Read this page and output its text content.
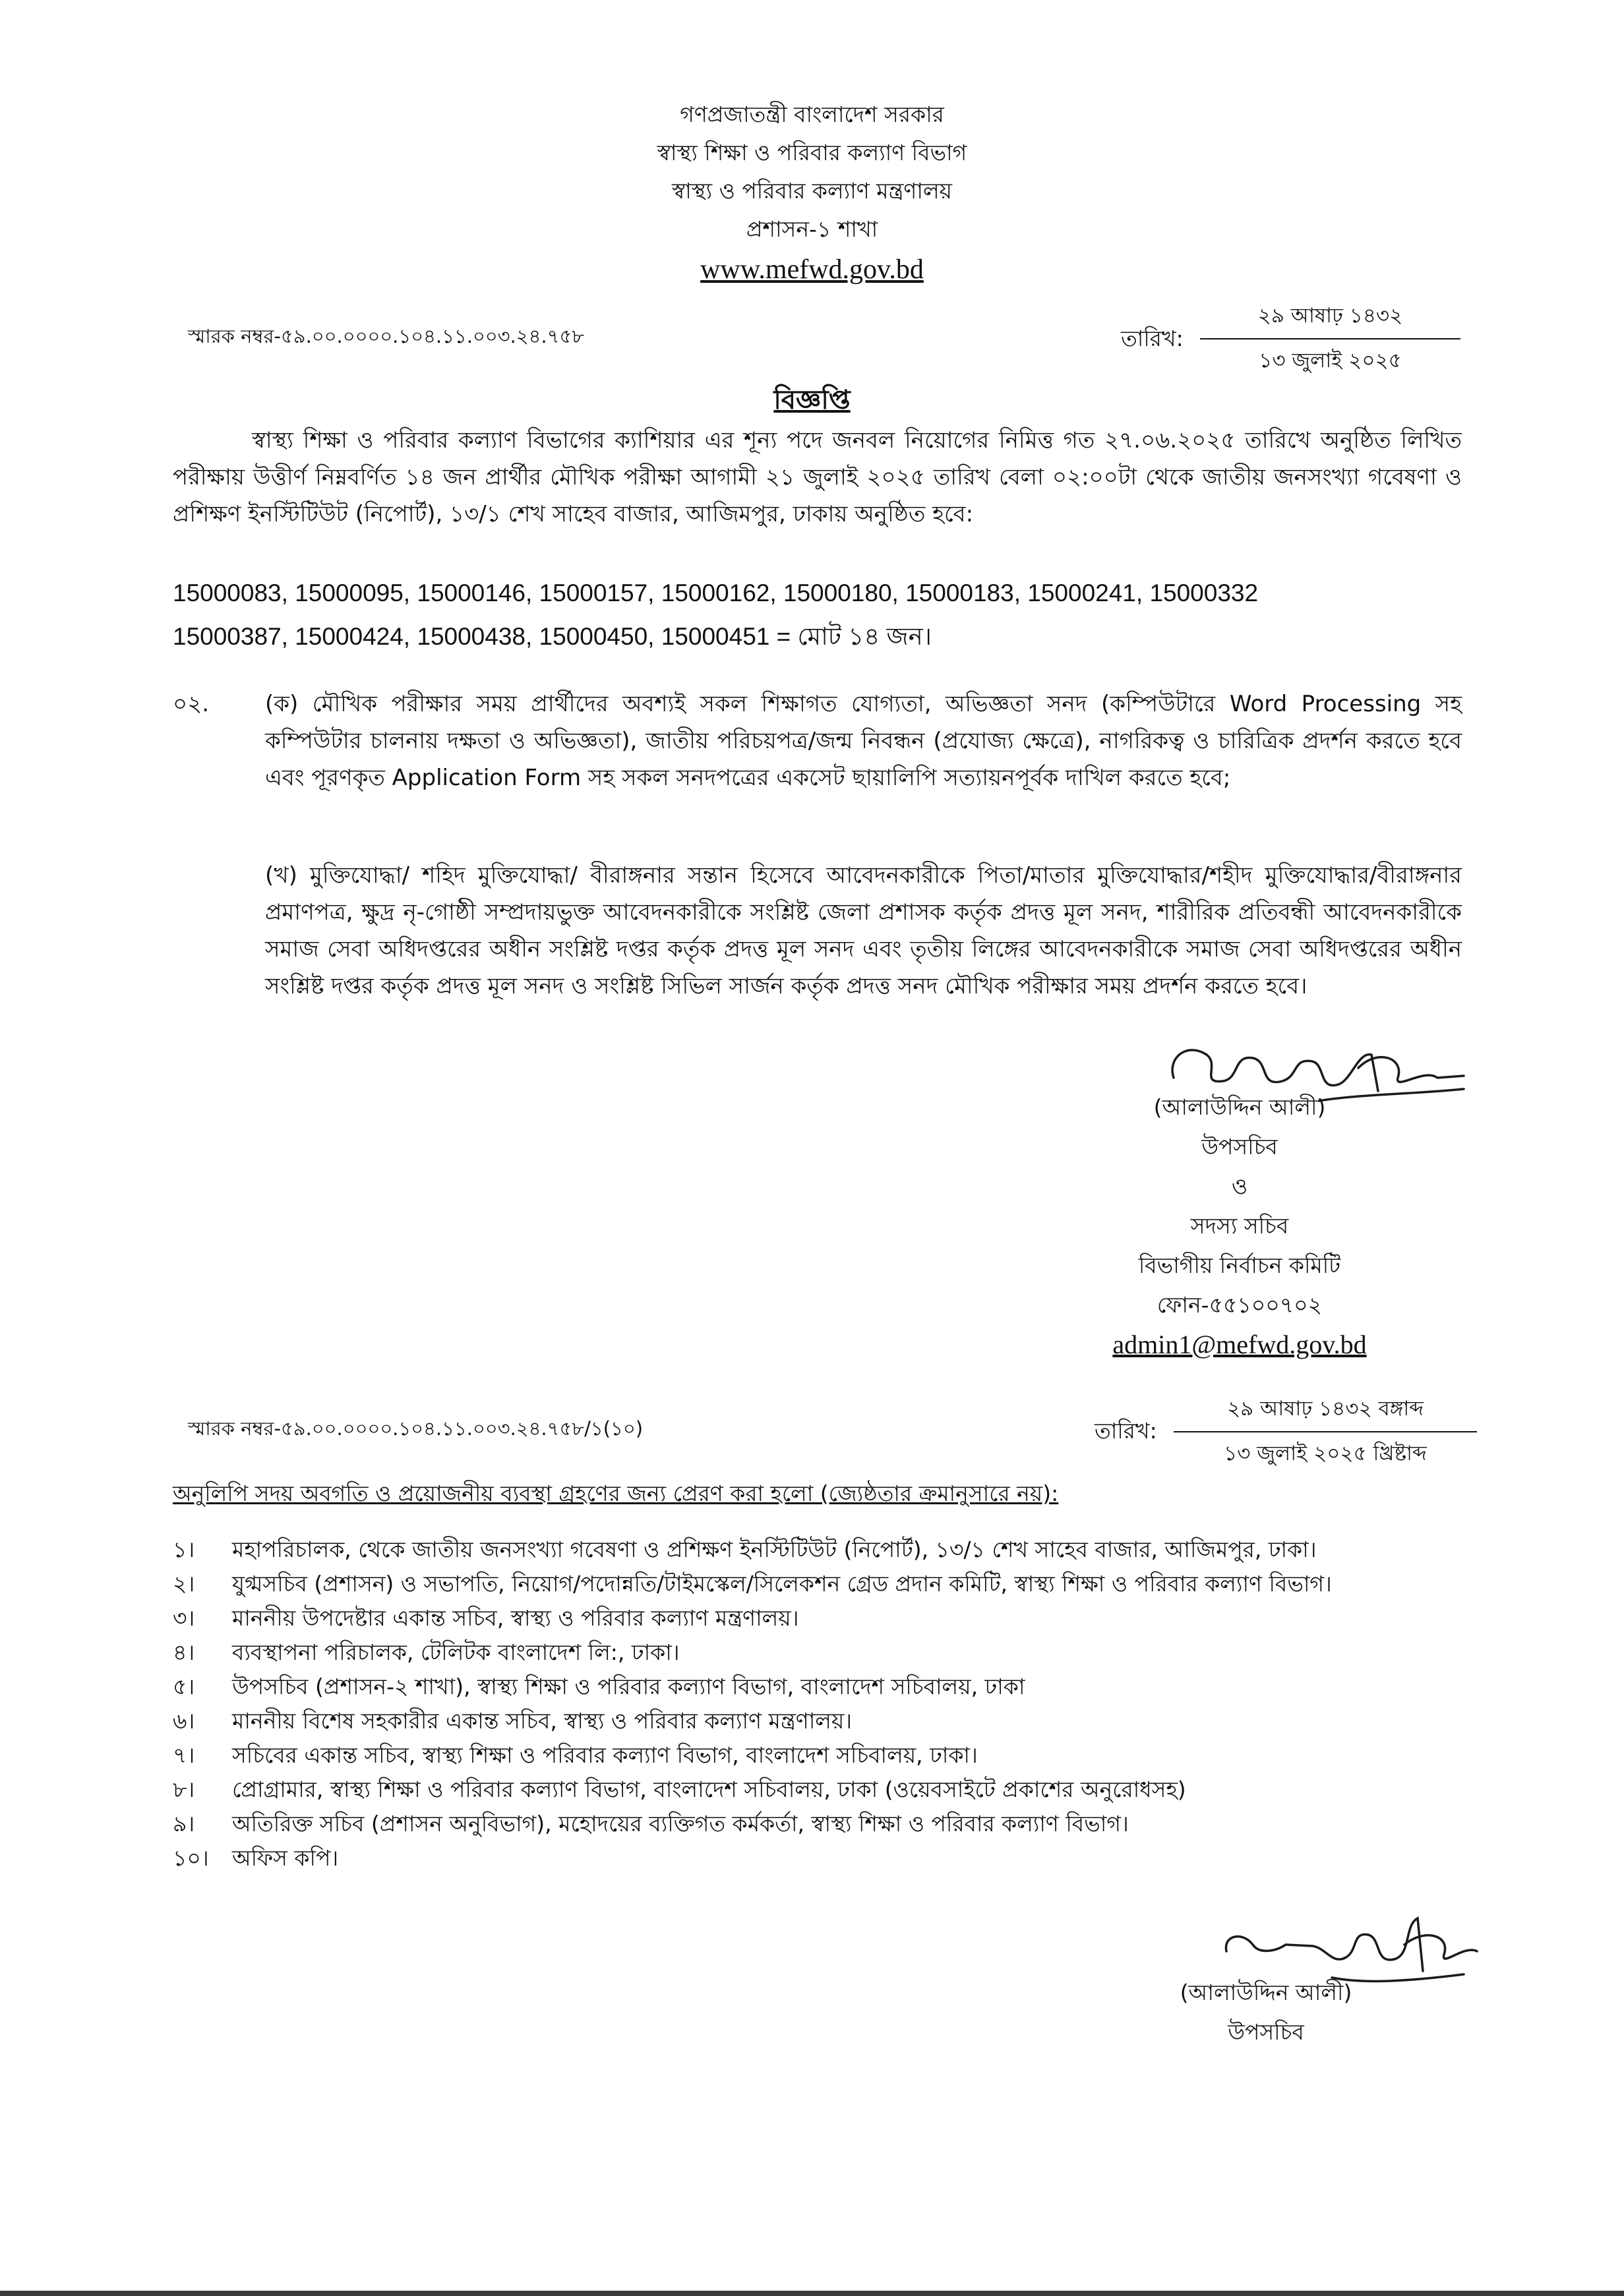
গণপ্রজাতন্ত্রী বাংলাদেশ সরকার
স্বাস্থ্য শিক্ষা ও পরিবার কল্যাণ বিভাগ
স্বাস্থ্য ও পরিবার কল্যাণ মন্ত্রণালয়
প্রশাসন-১ শাখা
www.mefwd.gov.bd
স্মারক নম্বর-৫৯.০০.০০০০.১০৪.১১.০০৩.২৪.৭৫৮	তারিখ:
২৯ আষাঢ় ১৪৩২
১৩ জুলাই ২০২৫
বিজ্ঞপ্তি
স্বাস্থ্য শিক্ষা ও পরিবার কল্যাণ বিভাগের ক্যাশিয়ার এর শূন্য পদে জনবল নিয়োগের নিমিত্ত গত ২৭.০৬.২০২৫ তারিখে অনুষ্ঠিত লিখিত পরীক্ষায় উত্তীর্ণ নিম্নবর্ণিত ১৪ জন প্রার্থীর মৌখিক পরীক্ষা আগামী ২১ জুলাই ২০২৫ তারিখ বেলা ০২:০০টা থেকে জাতীয় জনসংখ্যা গবেষণা ও প্রশিক্ষণ ইনস্টিটিউট (নিপোর্ট), ১৩/১ শেখ সাহেব বাজার, আজিমপুর, ঢাকায় অনুষ্ঠিত হবে:
15000083, 15000095, 15000146, 15000157, 15000162, 15000180, 15000183, 15000241, 15000332
15000387, 15000424, 15000438, 15000450, 15000451 = মোট ১৪ জন।
০২. (ক) মৌখিক পরীক্ষার সময় প্রার্থীদের অবশ্যই সকল শিক্ষাগত যোগ্যতা, অভিজ্ঞতা সনদ (কম্পিউটারে Word Processing সহ কম্পিউটার চালনায় দক্ষতা ও অভিজ্ঞতা), জাতীয় পরিচয়পত্র/জন্ম নিবন্ধন (প্রযোজ্য ক্ষেত্রে), নাগরিকত্ব ও চারিত্রিক প্রদর্শন করতে হবে এবং পূরণকৃত Application Form সহ সকল সনদপত্রের একসেট ছায়ালিপি সত্যায়নপূর্বক দাখিল করতে হবে;
(খ) মুক্তিযোদ্ধা/ শহিদ মুক্তিযোদ্ধা/ বীরাঙ্গনার সন্তান হিসেবে আবেদনকারীকে পিতা/মাতার মুক্তিযোদ্ধার/শহীদ মুক্তিযোদ্ধার/বীরাঙ্গনার প্রমাণপত্র, ক্ষুদ্র নৃ-গোষ্ঠী সম্প্রদায়ভুক্ত আবেদনকারীকে সংশ্লিষ্ট জেলা প্রশাসক কর্তৃক প্রদত্ত মূল সনদ, শারীরিক প্রতিবন্ধী আবেদনকারীকে সমাজ সেবা অধিদপ্তরের অধীন সংশ্লিষ্ট দপ্তর কর্তৃক প্রদত্ত মূল সনদ এবং তৃতীয় লিঙ্গের আবেদনকারীকে সমাজ সেবা অধিদপ্তরের অধীন সংশ্লিষ্ট দপ্তর কর্তৃক প্রদত্ত মূল সনদ ও সংশ্লিষ্ট সিভিল সার্জন কর্তৃক প্রদত্ত সনদ মৌখিক পরীক্ষার সময় প্রদর্শন করতে হবে।
(আলাউদ্দিন আলী)
উপসচিব
ও
সদস্য সচিব
বিভাগীয় নির্বাচন কমিটি
ফোন-৫৫১০০৭০২
admin1@mefwd.gov.bd
স্মারক নম্বর-৫৯.০০.০০০০.১০৪.১১.০০৩.২৪.৭৫৮/১(১০)	তারিখ:
২৯ আষাঢ় ১৪৩২ বঙ্গাব্দ
১৩ জুলাই ২০২৫ খ্রিষ্টাব্দ
অনুলিপি সদয় অবগতি ও প্রয়োজনীয় ব্যবস্থা গ্রহণের জন্য প্রেরণ করা হলো (জ্যেষ্ঠতার ক্রমানুসারে নয়):
১।	মহাপরিচালক, থেকে জাতীয় জনসংখ্যা গবেষণা ও প্রশিক্ষণ ইনস্টিটিউট (নিপোর্ট), ১৩/১ শেখ সাহেব বাজার, আজিমপুর, ঢাকা।
২।	যুগ্মসচিব (প্রশাসন) ও সভাপতি, নিয়োগ/পদোন্নতি/টাইমস্কেল/সিলেকশন গ্রেড প্রদান কমিটি, স্বাস্থ্য শিক্ষা ও পরিবার কল্যাণ বিভাগ।
৩।	মাননীয় উপদেষ্টার একান্ত সচিব, স্বাস্থ্য ও পরিবার কল্যাণ মন্ত্রণালয়।
৪।	ব্যবস্থাপনা পরিচালক, টেলিটক বাংলাদেশ লি:, ঢাকা।
৫।	উপসচিব (প্রশাসন-২ শাখা), স্বাস্থ্য শিক্ষা ও পরিবার কল্যাণ বিভাগ, বাংলাদেশ সচিবালয়, ঢাকা
৬।	মাননীয় বিশেষ সহকারীর একান্ত সচিব, স্বাস্থ্য ও পরিবার কল্যাণ মন্ত্রণালয়।
৭।	সচিবের একান্ত সচিব, স্বাস্থ্য শিক্ষা ও পরিবার কল্যাণ বিভাগ, বাংলাদেশ সচিবালয়, ঢাকা।
৮।	প্রোগ্রামার, স্বাস্থ্য শিক্ষা ও পরিবার কল্যাণ বিভাগ, বাংলাদেশ সচিবালয়, ঢাকা (ওয়েবসাইটে প্রকাশের অনুরোধসহ)
৯।	অতিরিক্ত সচিব (প্রশাসন অনুবিভাগ), মহোদয়ের ব্যক্তিগত কর্মকর্তা, স্বাস্থ্য শিক্ষা ও পরিবার কল্যাণ বিভাগ।
১০।	অফিস কপি।
(আলাউদ্দিন আলী)
উপসচিব
